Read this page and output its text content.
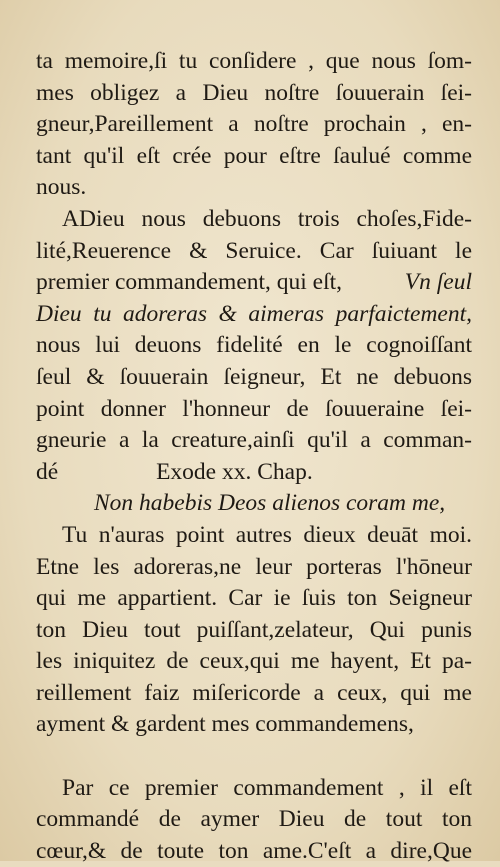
ta memoire,ſi tu conſidere , que nous ſom-
mes obligez a Dieu noſtre ſouuerain ſei-
gneur,Pareillement a noſtre prochain , en-
tant qu'il eſt crée pour eſtre ſaulué comme
nous.
ADieu nous debuons trois choſes,Fide-
lité,Reuerence & Seruice. Car ſuiuant le
premier commandement, qui eſt,	Vn ſeul
Dieu tu adoreras & aimeras parfaictement,
nous lui deuons fidelité en le cognoiſſant
ſeul & ſouuerain ſeigneur, Et ne debuons
point donner l'honneur de ſouueraine ſei-
gneurie a la creature,ainſi qu'il a comman-
dé	Exode xx. Chap.
Non habebis Deos alienos coram me,
Tu n'auras point autres dieux deuāt moi.
Etne les adoreras,ne leur porteras l'hōneur
qui me appartient. Car ie ſuis ton Seigneur
ton Dieu tout puiſſant,zelateur, Qui punis
les iniquitez de ceux,qui me hayent, Et pa-
reillement faiz miſericorde a ceux, qui me
ayment & gardent mes commandemens,
Par ce premier commandement , il eſt
commandé de aymer Dieu de tout ton
cœur,& de toute ton ame.C'eſt a dire,Que
